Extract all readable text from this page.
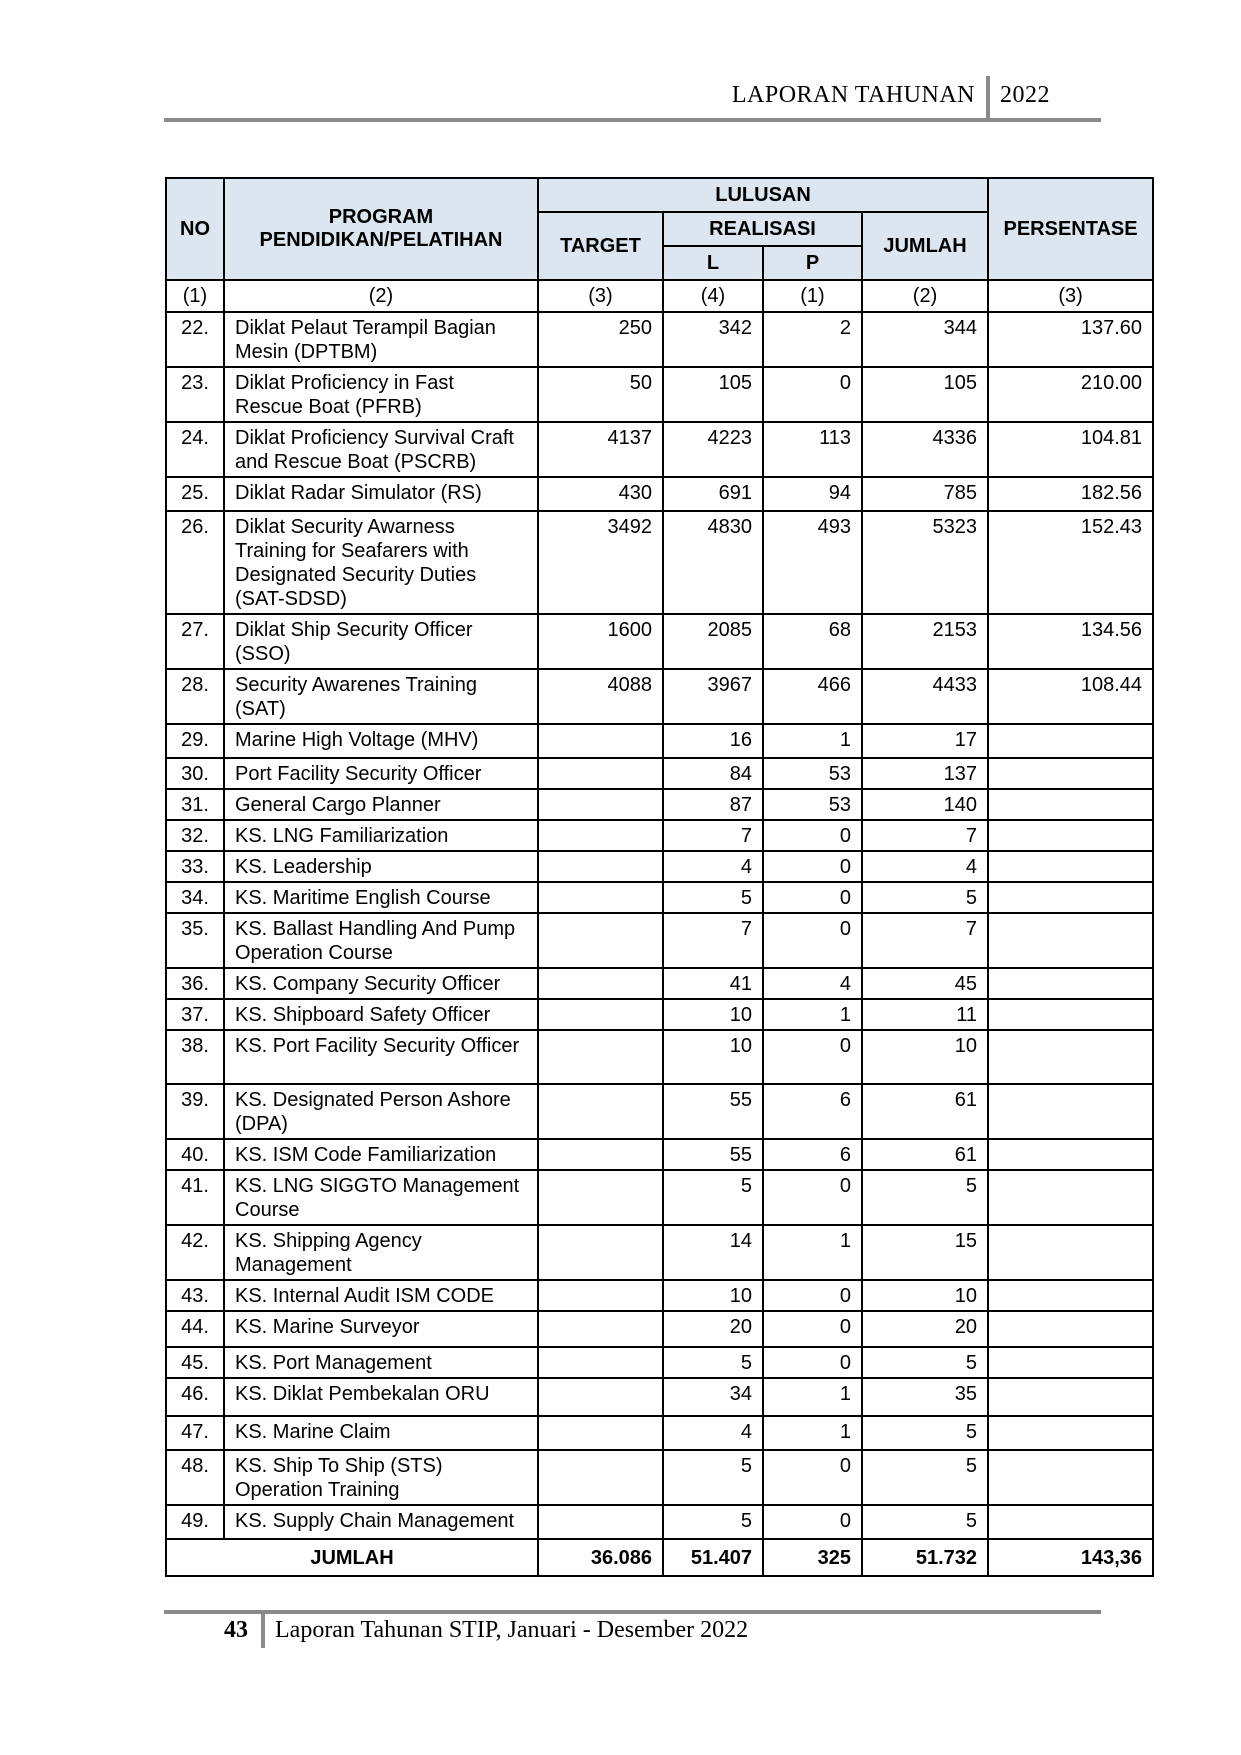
LAPORAN TAHUNAN 2022
NO	PROGRAM PENDIDIKAN/PELATIHAN	LULUSAN				PERSENTASE
		TARGET	REALISASI		JUMLAH	
			L	P		
(1)	(2)	(3)	(4)	(1)	(2)	(3)
22.	Diklat Pelaut Terampil Bagian Mesin (DPTBM)	250	342	2	344	137.60
23.	Diklat Proficiency in Fast Rescue Boat (PFRB)	50	105	0	105	210.00
24.	Diklat Proficiency Survival Craft and Rescue Boat (PSCRB)	4137	4223	113	4336	104.81
25.	Diklat Radar Simulator (RS)	430	691	94	785	182.56
26.	Diklat Security Awarness Training for Seafarers with Designated Security Duties (SAT-SDSD)	3492	4830	493	5323	152.43
27.	Diklat Ship Security Officer (SSO)	1600	2085	68	2153	134.56
28.	Security Awarenes Training (SAT)	4088	3967	466	4433	108.44
29.	Marine High Voltage (MHV)		16	1	17	
30.	Port Facility Security Officer		84	53	137	
31.	General Cargo Planner		87	53	140	
32.	KS. LNG Familiarization		7	0	7	
33.	KS. Leadership		4	0	4	
34.	KS. Maritime English Course		5	0	5	
35.	KS. Ballast Handling And Pump Operation Course		7	0	7	
36.	KS. Company Security Officer		41	4	45	
37.	KS. Shipboard Safety Officer		10	1	11	
38.	KS. Port Facility Security Officer		10	0	10	
39.	KS. Designated Person Ashore (DPA)		55	6	61	
40.	KS. ISM Code Familiarization		55	6	61	
41.	KS. LNG SIGGTO Management Course		5	0	5	
42.	KS. Shipping Agency Management		14	1	15	
43.	KS. Internal Audit ISM CODE		10	0	10	
44.	KS. Marine Surveyor		20	0	20	
45.	KS. Port Management		5	0	5	
46.	KS. Diklat Pembekalan ORU		34	1	35	
47.	KS. Marine Claim		4	1	5	
48.	KS. Ship To Ship (STS) Operation Training		5	0	5	
49.	KS. Supply Chain Management		5	0	5	
JUMLAH		36.086	51.407	325	51.732	143,36
43 Laporan Tahunan STIP, Januari - Desember 2022
